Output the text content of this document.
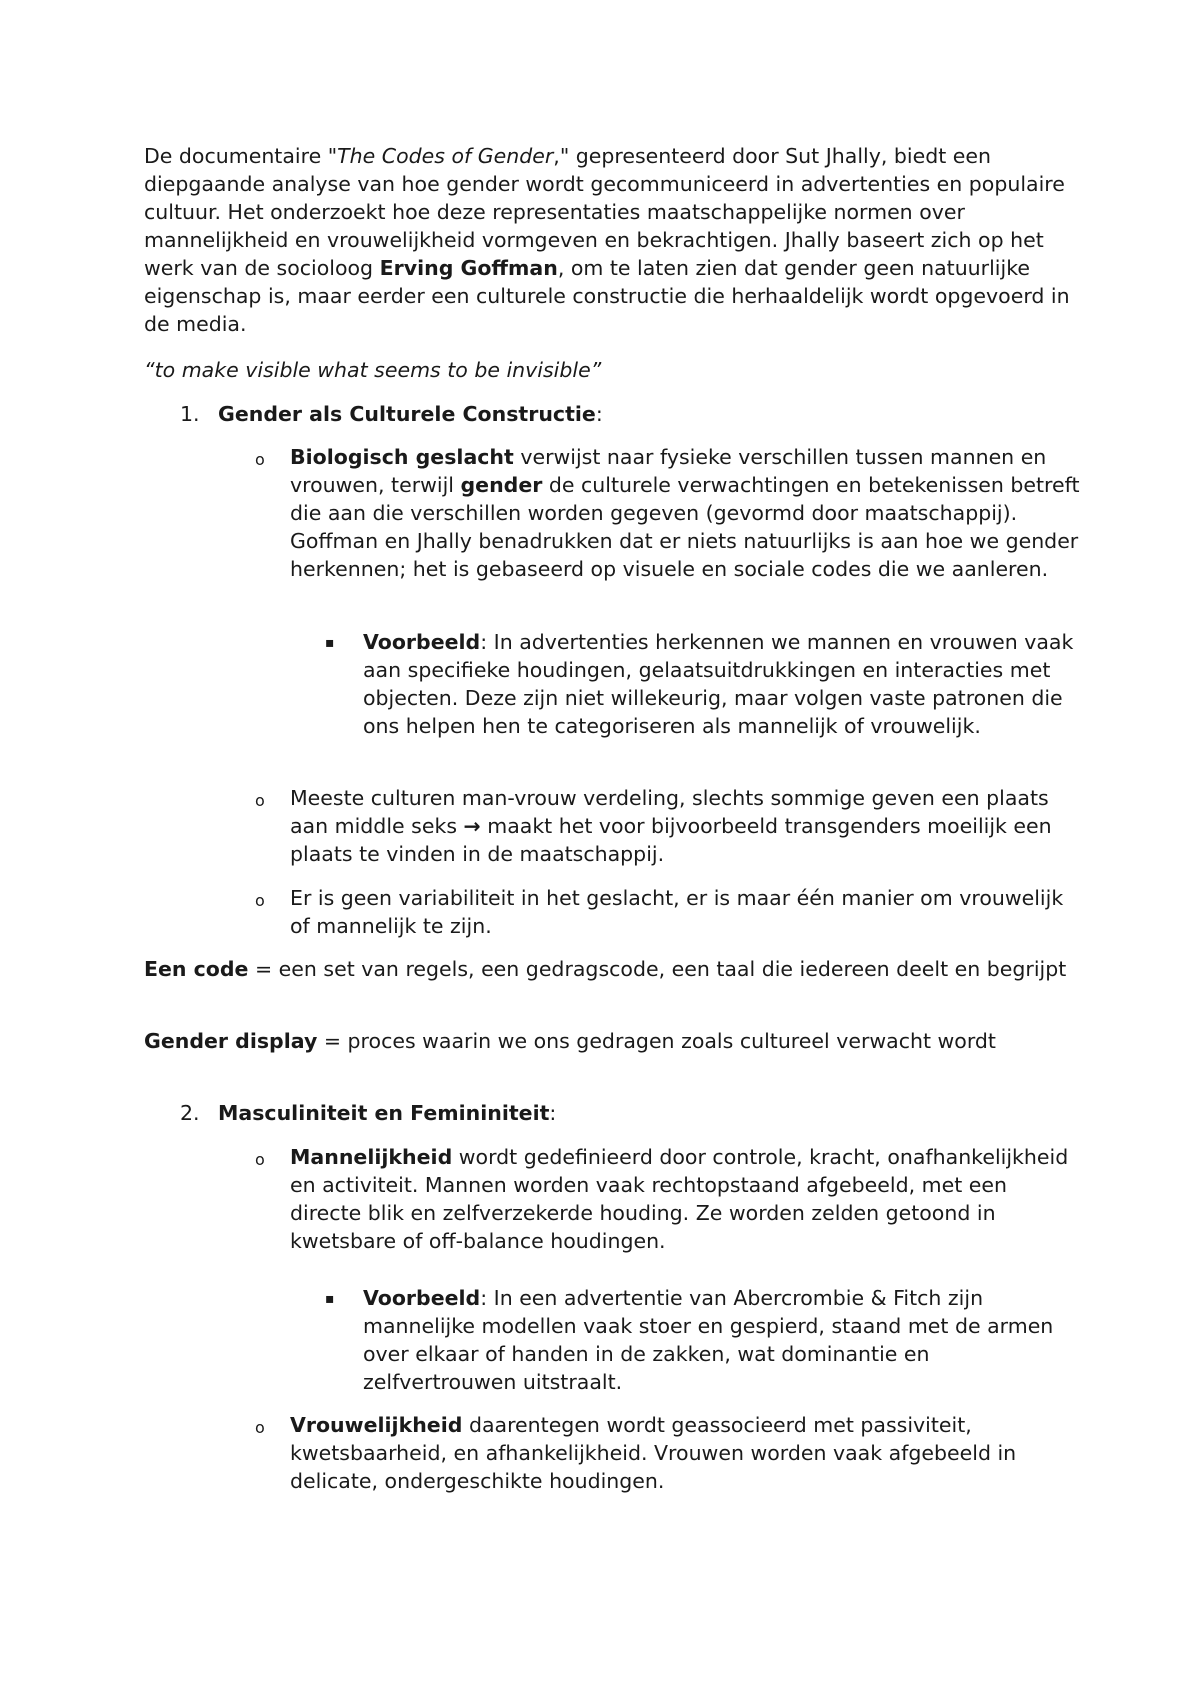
De documentaire "The Codes of Gender," gepresenteerd door Sut Jhally, biedt een diepgaande analyse van hoe gender wordt gecommuniceerd in advertenties en populaire cultuur. Het onderzoekt hoe deze representaties maatschappelijke normen over mannelijkheid en vrouwelijkheid vormgeven en bekrachtigen. Jhally baseert zich op het werk van de socioloog Erving Goffman, om te laten zien dat gender geen natuurlijke eigenschap is, maar eerder een culturele constructie die herhaaldelijk wordt opgevoerd in de media.

“to make visible what seems to be invisible”

1. Gender als Culturele Constructie:
o Biologisch geslacht verwijst naar fysieke verschillen tussen mannen en vrouwen, terwijl gender de culturele verwachtingen en betekenissen betreft die aan die verschillen worden gegeven (gevormd door maatschappij). Goffman en Jhally benadrukken dat er niets natuurlijks is aan hoe we gender herkennen; het is gebaseerd op visuele en sociale codes die we aanleren.
▪ Voorbeeld: In advertenties herkennen we mannen en vrouwen vaak aan specifieke houdingen, gelaatsuitdrukkingen en interacties met objecten. Deze zijn niet willekeurig, maar volgen vaste patronen die ons helpen hen te categoriseren als mannelijk of vrouwelijk.
o Meeste culturen man-vrouw verdeling, slechts sommige geven een plaats aan middle seks → maakt het voor bijvoorbeeld transgenders moeilijk een plaats te vinden in de maatschappij.
o Er is geen variabiliteit in het geslacht, er is maar één manier om vrouwelijk of mannelijk te zijn.

Een code = een set van regels, een gedragscode, een taal die iedereen deelt en begrijpt

Gender display = proces waarin we ons gedragen zoals cultureel verwacht wordt

2. Masculiniteit en Femininiteit:
o Mannelijkheid wordt gedefinieerd door controle, kracht, onafhankelijkheid en activiteit. Mannen worden vaak rechtopstaand afgebeeld, met een directe blik en zelfverzekerde houding. Ze worden zelden getoond in kwetsbare of off-balance houdingen.
▪ Voorbeeld: In een advertentie van Abercrombie & Fitch zijn mannelijke modellen vaak stoer en gespierd, staand met de armen over elkaar of handen in de zakken, wat dominantie en zelfvertrouwen uitstraalt.
o Vrouwelijkheid daarentegen wordt geassocieerd met passiviteit, kwetsbaarheid, en afhankelijkheid. Vrouwen worden vaak afgebeeld in delicate, ondergeschikte houdingen.
